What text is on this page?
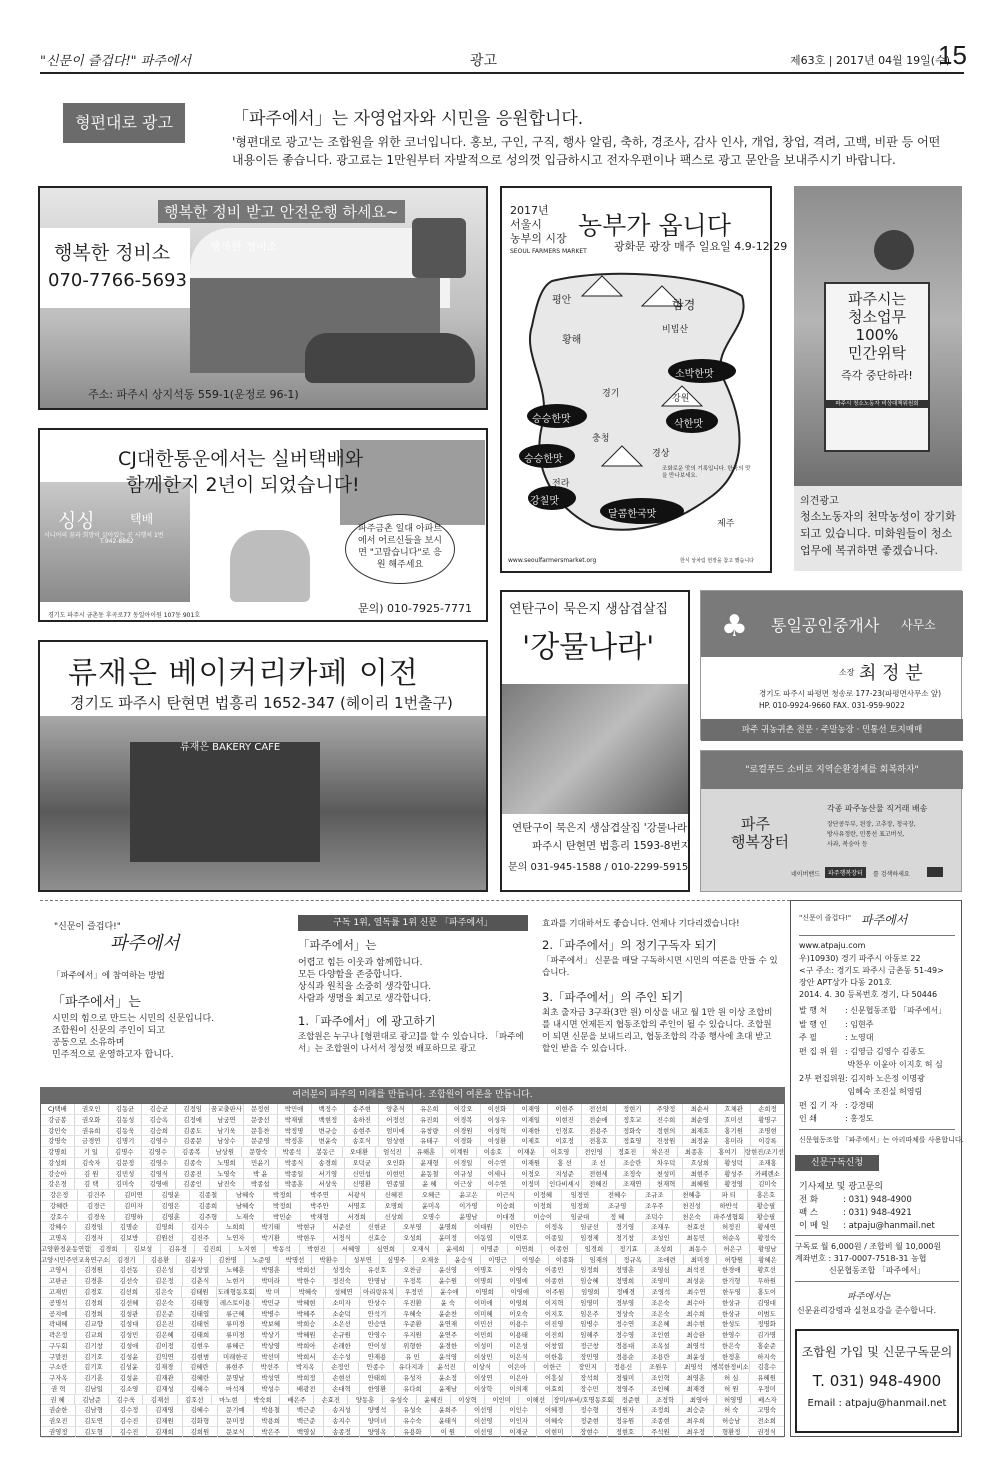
"신문이 즐겁다!" 파주에서	광고	제63호 | 2017년 04월 19일(수)
15
형편대로 광고	「파주에서」는 자영업자와 시민을 응원합니다.
'형편대로 광고'는 조합원을 위한 코너입니다. 홍보, 구인, 구직, 행사 알림, 축하, 경조사, 감사 인사, 개업, 창업, 격려, 고백, 비판 등 어떤 내용이든 좋습니다. 광고료는 1만원부터 자발적으로 성의껏 입금하시고 전자우편이나 팩스로 광고 문안을 보내주시기 바랍니다.
행복한 정비 받고 안전운행 하세요~
행복한 정비소
070-7766-5693
행복한 정비소
주소: 파주시 상지석동 559-1(운정로 96-1)
2017년
서울시
농부의 시장 농부가 옵니다
광화문 광장 매주 일요일 4.9-12.29
SEOUL FARMERS MARKET
평안	함경
비빕산
황해
소박한맛
승승한맛
경기	강원
승승한맛
삭한맛
충청
경상
강칠맛
전라
달콤한국맛
제주
조화로운 맛의 기록입니다. 한국의 맛을 만나보세요.
www.seoulfarmersmarket.org	한식 상차림 헌장을 참고 했습니다
파주시는
청소업무
100%
민간위탁
즉각 중단하라!
파주시 청소노동자 비상대책위원회
의견광고
청소노동자의 천막농성이 장기화 되고 있습니다. 미화원들이 청소업무에 복귀하면 좋겠습니다.
CJ대한통운에서는 실버택배와
함께한지 2년이 되었습니다!
싱싱	택배
시니어의 꿈과 희망이 살아있는 곳 시행처 1번
T.942-8862
파주금촌 일대 아파트에서 어르신들을 보시면 "고맙습니다"로 응원 해주세요
문의) 010-7925-7771
경기도 파주시 금촌동 후곡로77 동일아이원 107동 901호	연탄구이 묵은지 생삼겹살집
'강물나라'
연탄구이 묵은지 생삼겹살집 '강물나라'
파주시 탄현면 법흥리 1593-8번지
문의 031-945-1588 / 010-2299-5915
♣ 통일공인중개사 사무소
소장 최 정 분
경기도 파주시 파평면 청송로 177-23(파평면사무소 앞)
HP. 010-9924-9660 FAX. 031-959-9022
파주 귀농귀촌 전문 · 주말농장 · 민통선 토지매매
"로컬푸드 소비로 지역순환경제를 회복하자"
파주
행복장터
각종 파주농산물 직거래 배송
장단콩두부, 된장, 고추장, 청국장,
방사유정란, 민통선 표고버섯,
사과, 복숭아 등
네이버밴드	파주행복장터	를 검색하세요
류재은 베이커리카페 이전
경기도 파주시 탄현면 법흥리 1652-347 (헤이리 1번출구)
류재은 BAKERY CAFE
"신문이 즐겁다!"
파주에서
「파주에서」에 참여하는 방법
「파주에서」는
시민의 힘으로 만드는 시민의 신문입니다.
조합원이 신문의 주인이 되고
공동으로 소유하며
민주적으로 운영하고자 합니다.
구독 1위, 열독률 1위 신문 「파주에서」
「파주에서」는
어렵고 힘든 이웃과 함께합니다.
모든 다양함을 존중합니다.
상식과 원칙을 소중히 생각합니다.
사람과 생명을 최고로 생각합니다.
1.「파주에서」에 광고하기
조합원은 누구나 [형편대로 광고]를 할 수 있습니다. 「파주에서」는 조합원이 나서서 정성껏 배포하므로 광고
효과를 기대하셔도 좋습니다. 언제나 기다리겠습니다!
2.「파주에서」의 정기구독자 되기
「파주에서」 신문을 매달 구독하시면 시민의 여론을 만들 수 있습니다.
3.「파주에서」의 주인 되기
최초 출자금 3구좌(3만 원) 이상을 내고 월 1만 원 이상 조합비를 내시면 언제든지 협동조합의 주인이 될 수 있습니다. 조합원이 되면 신문을 보내드리고, 협동조합의 각종 행사에 초대 받고 할인 받을 수 있습니다.
여러분이 파주의 미래를 만듭니다. 조합원이 여론을 만듭니다.
CJ택배	권오인	김동균	김승균	김정임	꿈교출판사	문정현	박민애	백정수	송주현	양춘식	유은희	이강오	이선화	이재영	이현주	전선희	정현기	주양정	최순서	흐체관	손희정
강금봉	권오화	김동성	김승옥	김정애	남궁연	문중선	박재필	백현정	송하진	어정선	유진희	이경복	이성우	이재일	이현진	전순애	정호교	진수희	최순영	흐미선	황명구
강민숙	권유희	김동욱	김승희	김종도	남기욱	문흥찬	박정명	변규승	송현주	엄미애	유창량	이경원	이성혁	이재한	인경호	전용주	정화숙	정현의	최재호	홍기원	조명현
강명숙	금경연	김명기	김영수	김종문	남상수	문준영	박정훈	변윤숙	송호식	엄상현	유태구	이경화	이성환	이제호	이호정	전홍호	정효영	진창원	최정윤	홍미라	이강록
강명희	기 일	김명수	김영수	김종복	남상원	문향숙	박종석	봉동근	오대환	엄석진	유해훈	이계원	이송호	이재운	이호영	전인영	정효진	차은진	최종훈	홍여기	랑현진/조기선
강성희	김숙자	김문정	김영수	김종숙	노명희	민윤기	박종식	송경희	오덕균	오인화	윤재형	이경일	이수연	이재원	홍 선	조 선	조승란	차우덕	흐상희	황성덕	조재홍
강승아	김 원	김민성	김영식	김종진	노영숙	박 윤	박종일	서기영	신민섭	이현민	윤동철	이규성	이세나	이정오	지성준	전현세	조정숙	천성미	최현주	황성주	카페렌소
강은경	김 택	김미숙	김영애	김종인	남진숙	박종섭	박종훈	서상욱	신명환	연종열	윤 혜	이근상	이수연	이정미	인다비셰시	전혜진	조재연	천재혁	최혜원	황정영	김미숙
강은정	김건주	김미연	김영운	김종철	남혜숙	박정희	박주연	서광식	신혜진	오혜근	윤고은	이근식	이정혜	임정민	전혜수	조규조	천혜총	파 티	홍은호
강혜란	김경근	김미자	김영은	김종희	남혜숙	박정희	박주안	서명호	오명희	윤미옥	이가영	이승희	이정희	임정희	조규영	조우주	천진성	하반석	황승필
강호수	김경욱	김명하	김영훈	김주형	노재숙	박민순	박재형	서경희	신상희	오명수	윤명남	이대경	이승이	임균대	정 혜	조덕수	천은숙	파주생협회	황승필
강혜수	김경임	김명순	김영희	김지수	노희희	박기태	박현규	서준선	신현균	오부영	윤명희	이대원	이안수	이정옥	임균선	정기영	조재우	천효선	허정진	황세연
고명옥	김경자	김보방	김원선	김진주	노연자	박기환	박현우	서정식	신효승	오성희	윤미정	이동엽	이연호	이종일	임경제	정기창	조성인	최동민	허순옥	황정숙
고양환경운동연합	김경희	김보성	김유경	김진희	노지현	박동석	박현진	서혜영	심연희	오재식	윤세희	이명준	이연희	이종헌	임경희	정기효	조성희	최동수	허은구	황영남
고양시민주민교육연구소	김경기	김용환	김윤자	김찬명	노준영	박명선	박환수	성부연	심명주	오재웅	윤승식	이명근	이영순	이종화	임재의	정규옥	조애련	최미경	허향원	황혜은
고영서	김경원	김선동	김은성	김창열	노혜훈	박명훈	박희선	성정숙	유선호	오찬금	윤신영	이명호	이영숙	이종민	임정희	정명훈	조영심	최석진	한경애	황흐선
고판균	김경훈	김선숙	김은정	김춘식	노현거	박미라	박한수	정진숙	안명남	우정복	윤수원	이명희	이영애	이종현	임승혜	정명희	조영미	최성운	한기형	무하원
고재빈	김경호	김선희	김은숙	김태원	도래형동호회	박 미	박혜숙	성혜연	아리랑유치	우정민	윤수애	이명희	이영애	이주원	임영희	정배경	조영석	최수연	한두영	홍도이
공명석	김경희	김선혜	김은숙	김태형	레스토이용	박민규	박혜현	소미자	안상수	우진환	윤 숙	이미애	이영희	이지혁	임영미	정부영	조은숙	최수아	한상규	김영대
공지예	김경희	김성관	김은준	김태엽	류근혜	박병수	박혜주	소순덕	안석기	우혜숙	윤순찬	이미혜	이오숙	이지호	임은주	정상숙	조은숙	최수희	한상규	이범도
곽내혜	김교향	김성대	김은진	김태헌	류미경	박보혜	박희승	소은선	안승만	우준환	윤연재	이민선	이용수	이진영	임병수	정수연	조은혜	최수현	한성도	정명화
곽은정	김교희	김성민	김은혜	김태희	류미경	박상기	박혜원	손규원	안영수	우지원	윤연주	이민희	이용태	이진희	임해주	정수영	조인현	최승완	한영수	김가명
구두회	김기창	김성애	김이정	김현우	류혜근	박상영	박희아	손래한	안이성	위형한	윤경한	이성미	이은성	이창엽	정근창	정용대	조옥설	최영석	한은숙	홍순준
구말전	김기호	김성윤	김익연	김현범	미래한국	박선미	박희서	손수성	안재용	유 민	윤석영	이상민	이은식	이한흠	장민영	정용순	조용란	최윤성	한정훈	하지숙
구소란	김기호	김성윤	김재경	김혜란	류현주	박선주	박지옥	손정인	안종수	유다지과	윤석진	이상식	이은아	이한근	장민지	정용신	조원우	최영석	행복한정비소	김흥수
구자옥	김기훈	김성윤	김재관	김혜란	문명남	박성연	박희정	손현선	안태희	유성자	윤소정	이상연	이은아	이흥실	장석희	정월미	조인혁	최영훈	허 심	유혜원
권 혁	김남일	김소영	김재성	김혜수	마석재	박성수	배광전	손대혁	한영환	유다희	윤제남	이상학	이의재	이효희	장수민	정영주	조인혜	최재경	허 원	우정미
권 혜	김남준	김수욱	김재선	김호선	마노현	박숙희	배은주	손효진	양동훈	유성숙	윤혜진	이상혁	이인미	이해선	장미/루비/호명동호회	정준현	조정학	최영아	허영명	배스자
권순한	김남형	김수정	김재영	김혜수	문기예	박용철	백근준	송지성	양병석	유성숙	윤희주	이선영	이인수	이혜경	정수형	정원자	조정희	최승준	허 숙	고명숙
권오진	김도연	김수진	김재원	김화형	문미정	박용희	백근준	송지수	양미녀	유수숙	윤태식	이선영	이인자	이혜숙	정준현	정유원	조종현	최우희	허승남	전소희
권영정	김도형	김수진	김재희	김희원	문보식	박은주	백영실	송종정	양영옥	유용화	이 원	이선영	이재균	이현미	장현수	정현호	주석원	최우정	형환정	권정식
"신문이 즐겁다!" 파주에서
www.atpaju.com
우)10930) 경기 파주시 아동로 22
<구 주소: 경기도 파주시 금촌동 51-49>
장안 APT상가 다동 201호
2014. 4. 30 등록번호 경기, 다 50446
발 행 처 : 신문협동조합 「파주에서」
발 행 인 : 임현주
주 필	: 노영대
편 집 위 원 : 김영금 김영수 김종도
박찬우 이윤아 이지호 허 심
2부 편집위원: 김지하 노은정 이명광
임혜숙 조진실 허영림
편 집 기 자 : 강경태
인 쇄	: 홍정도
신문협동조합 「파주에서」는 아리따체를 사용합니다.
신문구독신청
기사제보 및 광고문의
전 화	: 031) 948-4900
팩 스	: 031) 948-4921
이 메 일 : atpaju@hanmail.net
구독료 월 6,000원 / 조합비 월 10,000원
계좌번호 : 317-0007-7518-31 농협
신문협동조합 「파주에서」
파주에서는
신문윤리강령과 실천요강을 준수합니다.
조합원 가입 및 신문구독문의
T. 031) 948-4900
Email : atpaju@hanmail.net
